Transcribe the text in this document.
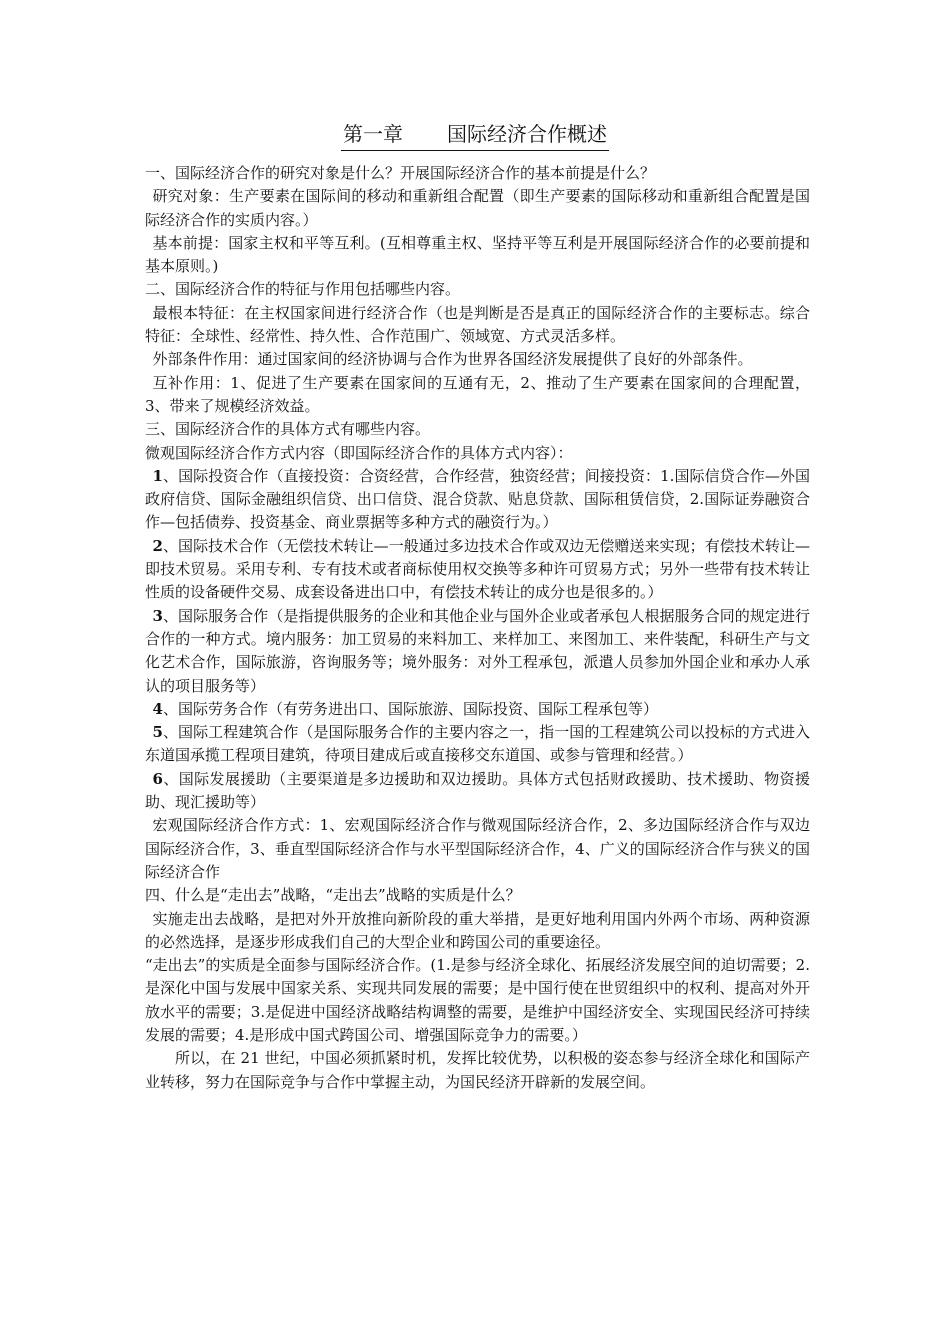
第一章 国际经济合作概述

一、国际经济合作的研究对象是什么？开展国际经济合作的基本前提是什么？

研究对象：生产要素在国际间的移动和重新组合配置（即生产要素的国际移动和重新组合配置是国际经济合作的实质内容。）

基本前提：国家主权和平等互利。(互相尊重主权、坚持平等互利是开展国际经济合作的必要前提和基本原则。)

二、国际经济合作的特征与作用包括哪些内容。

最根本特征：在主权国家间进行经济合作（也是判断是否是真正的国际经济合作的主要标志。综合特征：全球性、经常性、持久性、合作范围广、领域宽、方式灵活多样。

外部条件作用：通过国家间的经济协调与合作为世界各国经济发展提供了良好的外部条件。

互补作用：1、促进了生产要素在国家间的互通有无，2、推动了生产要素在国家间的合理配置，3、带来了规模经济效益。

三、国际经济合作的具体方式有哪些内容。

微观国际经济合作方式内容（即国际经济合作的具体方式内容）：

1、国际投资合作（直接投资：合资经营，合作经营，独资经营；间接投资：1.国际信贷合作—外国政府信贷、国际金融组织信贷、出口信贷、混合贷款、贴息贷款、国际租赁信贷，2.国际证券融资合作—包括债券、投资基金、商业票据等多种方式的融资行为。）

2、国际技术合作（无偿技术转让—一般通过多边技术合作或双边无偿赠送来实现；有偿技术转让—即技术贸易。采用专利、专有技术或者商标使用权交换等多种许可贸易方式；另外一些带有技术转让性质的设备硬件交易、成套设备进出口中，有偿技术转让的成分也是很多的。）

3、国际服务合作（是指提供服务的企业和其他企业与国外企业或者承包人根据服务合同的规定进行合作的一种方式。境内服务：加工贸易的来料加工、来样加工、来图加工、来件装配，科研生产与文化艺术合作，国际旅游，咨询服务等；境外服务：对外工程承包，派遣人员参加外国企业和承办人承认的项目服务等）

4、国际劳务合作（有劳务进出口、国际旅游、国际投资、国际工程承包等）

5、国际工程建筑合作（是国际服务合作的主要内容之一，指一国的工程建筑公司以投标的方式进入东道国承揽工程项目建筑，待项目建成后或直接移交东道国、或参与管理和经营。）

6、国际发展援助（主要渠道是多边援助和双边援助。具体方式包括财政援助、技术援助、物资援助、现汇援助等）

宏观国际经济合作方式：1、宏观国际经济合作与微观国际经济合作，2、多边国际经济合作与双边国际经济合作，3、垂直型国际经济合作与水平型国际经济合作，4、广义的国际经济合作与狭义的国际经济合作

四、什么是“走出去”战略，“走出去”战略的实质是什么？

实施走出去战略，是把对外开放推向新阶段的重大举措，是更好地利用国内外两个市场、两种资源的必然选择，是逐步形成我们自己的大型企业和跨国公司的重要途径。

“走出去”的实质是全面参与国际经济合作。(1.是参与经济全球化、拓展经济发展空间的迫切需要；2.是深化中国与发展中国家关系、实现共同发展的需要；是中国行使在世贸组织中的权利、提高对外开放水平的需要；3.是促进中国经济战略结构调整的需要，是维护中国经济安全、实现国民经济可持续发展的需要；4.是形成中国式跨国公司、增强国际竞争力的需要。）

所以，在 21 世纪，中国必须抓紧时机，发挥比较优势，以积极的姿态参与经济全球化和国际产业转移，努力在国际竞争与合作中掌握主动，为国民经济开辟新的发展空间。
